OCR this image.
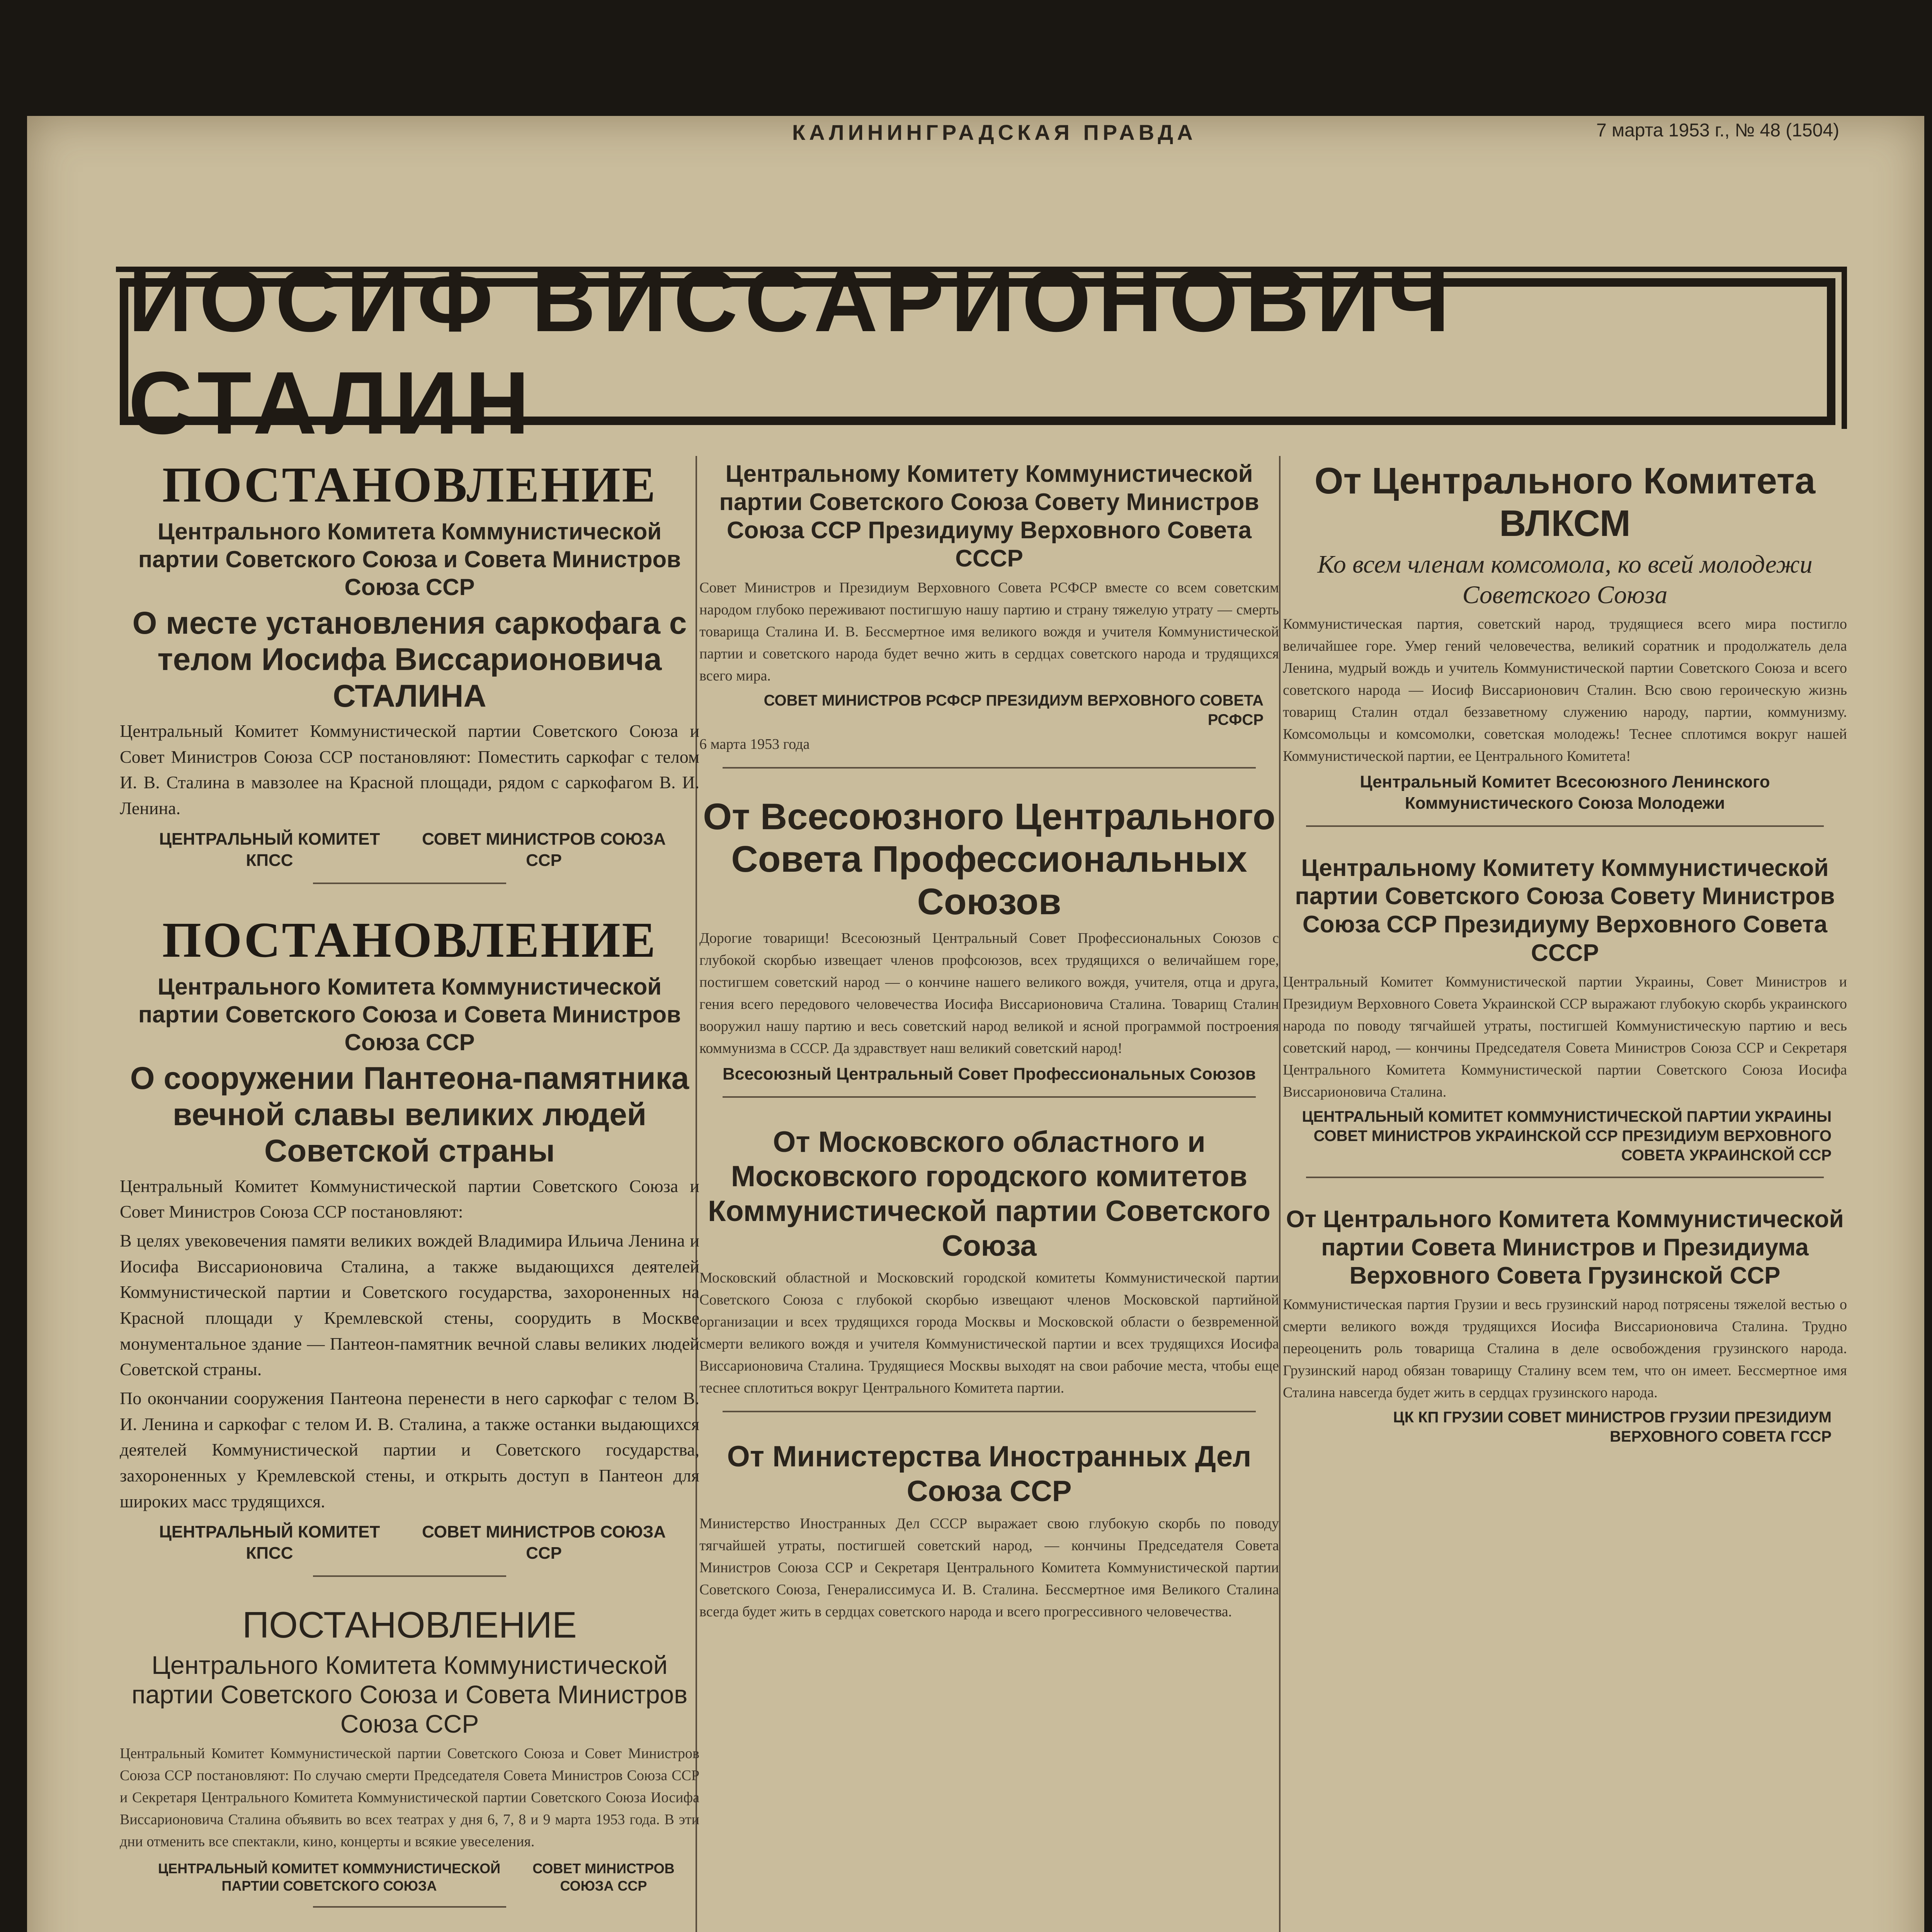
КАЛИНИНГРАДСКАЯ ПРАВДА	7 марта 1953 г., № 48 (1504)
ИОСИФ ВИССАРИОНОВИЧ СТАЛИН

ПОСТАНОВЛЕНИЕ

Центрального Комитета Коммунистической партии Советского Союза и Совета Министров Союза ССР
О месте установления саркофага с телом Иосифа Виссарионовича СТАЛИНА

Центральный Комитет Коммунистической партии Советского Союза и Совет Министров Союза ССР постановляют: Поместить саркофаг с телом И. В. Сталина в мавзолее на Красной площади, рядом с саркофагом В. И. Ленина.

ЦЕНТРАЛЬНЫЙ КОМИТЕТ КПСС
СОВЕТ МИНИСТРОВ СОЮЗА ССР

ПОСТАНОВЛЕНИЕ

Центрального Комитета Коммунистической партии Советского Союза и Совета Министров Союза ССР
О сооружении Пантеона-памятника вечной славы великих людей Советской страны

Центральный Комитет Коммунистической партии Советского Союза и Совет Министров Союза ССР постановляют:

В целях увековечения памяти великих вождей Владимира Ильича Ленина и Иосифа Виссарионовича Сталина, а также выдающихся деятелей Коммунистической партии и Советского государства, захороненных на Красной площади у Кремлевской стены, соорудить в Москве монументальное здание — Пантеон-памятник вечной славы великих людей Советской страны.

По окончании сооружения Пантеона перенести в него саркофаг с телом В. И. Ленина и саркофаг с телом И. В. Сталина, а также останки выдающихся деятелей Коммунистической партии и Советского государства, захороненных у Кремлевской стены, и открыть доступ в Пантеон для широких масс трудящихся.

ЦЕНТРАЛЬНЫЙ КОМИТЕТ КПСС
СОВЕТ МИНИСТРОВ СОЮЗА ССР
ПОСТАНОВЛЕНИЕ
Центрального Комитета Коммунистической партии Советского Союза и Совета Министров Союза ССР

Центральный Комитет Коммунистической партии Советского Союза и Совет Министров Союза ССР постановляют: По случаю смерти Председателя Совета Министров Союза ССР и Секретаря Центрального Комитета Коммунистической партии Советского Союза Иосифа Виссарионовича Сталина объявить во всех театрах у дня 6, 7, 8 и 9 марта 1953 года. В эти дни отменить все спектакли, кино, концерты и всякие увеселения.

ЦЕНТРАЛЬНЫЙ КОМИТЕТ КОММУНИСТИЧЕСКОЙ ПАРТИИ СОВЕТСКОГО СОЮЗА
СОВЕТ МИНИСТРОВ СОЮЗА ССР

Центральному Комитету Коммунистической партии Советского Союза Совету Министров Союза ССР Президиуму Верховного Совета СССР

Совет Министров и Президиум Верховного Совета РСФСР вместе со всем советским народом глубоко переживают постигшую нашу партию и страну тяжелую утрату — смерть товарища Сталина И. В. Бессмертное имя великого вождя и учителя Коммунистической партии и советского народа будет вечно жить в сердцах советского народа и трудящихся всего мира.

СОВЕТ МИНИСТРОВ РСФСР ПРЕЗИДИУМ ВЕРХОВНОГО СОВЕТА РСФСР
6 марта 1953 года
От Всесоюзного Центрального Совета Профессиональных Союзов

Дорогие товарищи! Всесоюзный Центральный Совет Профессиональных Союзов с глубокой скорбью извещает членов профсоюзов, всех трудящихся о величайшем горе, постигшем советский народ — о кончине нашего великого вождя, учителя, отца и друга, гения всего передового человечества Иосифа Виссарионовича Сталина. Товарищ Сталин вооружил нашу партию и весь советский народ великой и ясной программой построения коммунизма в СССР. Да здравствует наш великий советский народ!

Всесоюзный Центральный Совет Профессиональных Союзов
От Московского областного и Московского городского комитетов Коммунистической партии Советского Союза

Московский областной и Московский городской комитеты Коммунистической партии Советского Союза с глубокой скорбью извещают членов Московской партийной организации и всех трудящихся города Москвы и Московской области о безвременной смерти великого вождя и учителя Коммунистической партии и всех трудящихся Иосифа Виссарионовича Сталина. Трудящиеся Москвы выходят на свои рабочие места, чтобы еще теснее сплотиться вокруг Центрального Комитета партии.

От Министерства Иностранных Дел Союза ССР

Министерство Иностранных Дел СССР выражает свою глубокую скорбь по поводу тягчайшей утраты, постигшей советский народ, — кончины Председателя Совета Министров Союза ССР и Секретаря Центрального Комитета Коммунистической партии Советского Союза, Генералиссимуса И. В. Сталина. Бессмертное имя Великого Сталина всегда будет жить в сердцах советского народа и всего прогрессивного человечества.

От Центрального Комитета ВЛКСМ
Ко всем членам комсомола, ко всей молодежи Советского Союза

Коммунистическая партия, советский народ, трудящиеся всего мира постигло величайшее горе. Умер гений человечества, великий соратник и продолжатель дела Ленина, мудрый вождь и учитель Коммунистической партии Советского Союза и всего советского народа — Иосиф Виссарионович Сталин. Всю свою героическую жизнь товарищ Сталин отдал беззаветному служению народу, партии, коммунизму. Комсомольцы и комсомолки, советская молодежь! Теснее сплотимся вокруг нашей Коммунистической партии, ее Центрального Комитета!

Центральный Комитет Всесоюзного Ленинского Коммунистического Союза Молодежи
Центральному Комитету Коммунистической партии Советского Союза Совету Министров Союза ССР Президиуму Верховного Совета СССР

Центральный Комитет Коммунистической партии Украины, Совет Министров и Президиум Верховного Совета Украинской ССР выражают глубокую скорбь украинского народа по поводу тягчайшей утраты, постигшей Коммунистическую партию и весь советский народ, — кончины Председателя Совета Министров Союза ССР и Секретаря Центрального Комитета Коммунистической партии Советского Союза Иосифа Виссарионовича Сталина.

ЦЕНТРАЛЬНЫЙ КОМИТЕТ КОММУНИСТИЧЕСКОЙ ПАРТИИ УКРАИНЫ СОВЕТ МИНИСТРОВ УКРАИНСКОЙ ССР ПРЕЗИДИУМ ВЕРХОВНОГО СОВЕТА УКРАИНСКОЙ ССР
От Центрального Комитета Коммунистической партии Совета Министров и Президиума Верховного Совета Грузинской ССР

Коммунистическая партия Грузии и весь грузинский народ потрясены тяжелой вестью о смерти великого вождя трудящихся Иосифа Виссарионовича Сталина. Трудно переоценить роль товарища Сталина в деле освобождения грузинского народа. Грузинский народ обязан товарищу Сталину всем тем, что он имеет. Бессмертное имя Сталина навсегда будет жить в сердцах грузинского народа.

ЦК КП ГРУЗИИ СОВЕТ МИНИСТРОВ ГРУЗИИ ПРЕЗИДИУМ ВЕРХОВНОГО СОВЕТА ГССР
